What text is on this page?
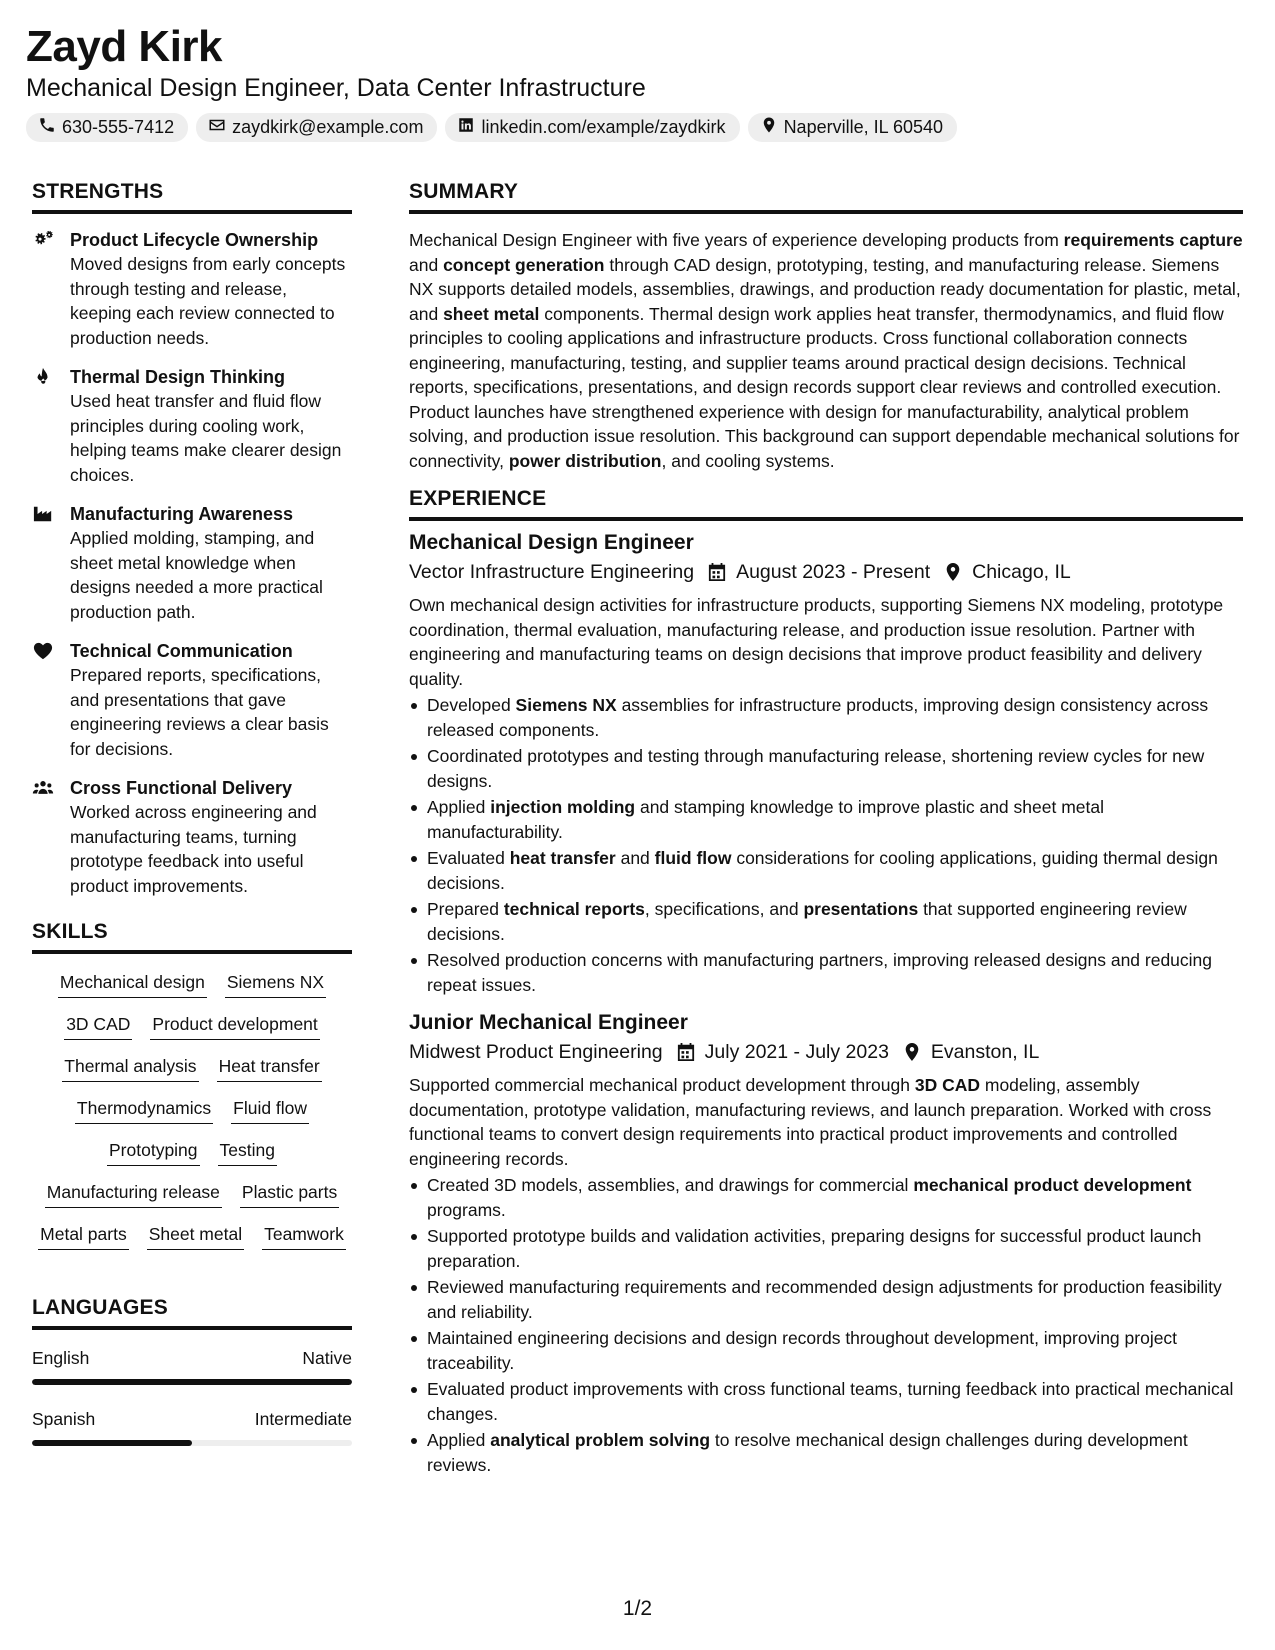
Zayd Kirk
Mechanical Design Engineer, Data Center Infrastructure
630-555-7412	zaydkirk@example.com	linkedin.com/example/zaydkirk	Naperville, IL 60540
STRENGTHS
Product Lifecycle Ownership
Moved designs from early concepts through testing and release, keeping each review connected to production needs.
Thermal Design Thinking
Used heat transfer and fluid flow principles during cooling work, helping teams make clearer design choices.
Manufacturing Awareness
Applied molding, stamping, and sheet metal knowledge when designs needed a more practical production path.
Technical Communication
Prepared reports, specifications, and presentations that gave engineering reviews a clear basis for decisions.
Cross Functional Delivery
Worked across engineering and manufacturing teams, turning prototype feedback into useful product improvements.
SKILLS
Mechanical design Siemens NX
3D CAD Product development
Thermal analysis Heat transfer
Thermodynamics Fluid flow
Prototyping Testing
Manufacturing release Plastic parts
Metal parts Sheet metal Teamwork
LANGUAGES
English	Native
Spanish	Intermediate
SUMMARY

Mechanical Design Engineer with five years of experience developing products from requirements capture and concept generation through CAD design, prototyping, testing, and manufacturing release. Siemens NX supports detailed models, assemblies, drawings, and production ready documentation for plastic, metal, and sheet metal components. Thermal design work applies heat transfer, thermodynamics, and fluid flow principles to cooling applications and infrastructure products. Cross functional collaboration connects engineering, manufacturing, testing, and supplier teams around practical design decisions. Technical reports, specifications, presentations, and design records support clear reviews and controlled execution. Product launches have strengthened experience with design for manufacturability, analytical problem solving, and production issue resolution. This background can support dependable mechanical solutions for connectivity, power distribution, and cooling systems.

EXPERIENCE
Mechanical Design Engineer
Vector Infrastructure Engineering August 2023 - Present Chicago, IL

Own mechanical design activities for infrastructure products, supporting Siemens NX modeling, prototype coordination, thermal evaluation, manufacturing release, and production issue resolution. Partner with engineering and manufacturing teams on design decisions that improve product feasibility and delivery quality.

Developed Siemens NX assemblies for infrastructure products, improving design consistency across released components.
Coordinated prototypes and testing through manufacturing release, shortening review cycles for new designs.
Applied injection molding and stamping knowledge to improve plastic and sheet metal manufacturability.
Evaluated heat transfer and fluid flow considerations for cooling applications, guiding thermal design decisions.
Prepared technical reports, specifications, and presentations that supported engineering review decisions.
Resolved production concerns with manufacturing partners, improving released designs and reducing repeat issues.
Junior Mechanical Engineer
Midwest Product Engineering July 2021 - July 2023 Evanston, IL

Supported commercial mechanical product development through 3D CAD modeling, assembly documentation, prototype validation, manufacturing reviews, and launch preparation. Worked with cross functional teams to convert design requirements into practical product improvements and controlled engineering records.

Created 3D models, assemblies, and drawings for commercial mechanical product development programs.
Supported prototype builds and validation activities, preparing designs for successful product launch preparation.
Reviewed manufacturing requirements and recommended design adjustments for production feasibility and reliability.
Maintained engineering decisions and design records throughout development, improving project traceability.
Evaluated product improvements with cross functional teams, turning feedback into practical mechanical changes.
Applied analytical problem solving to resolve mechanical design challenges during development reviews.
1/2
